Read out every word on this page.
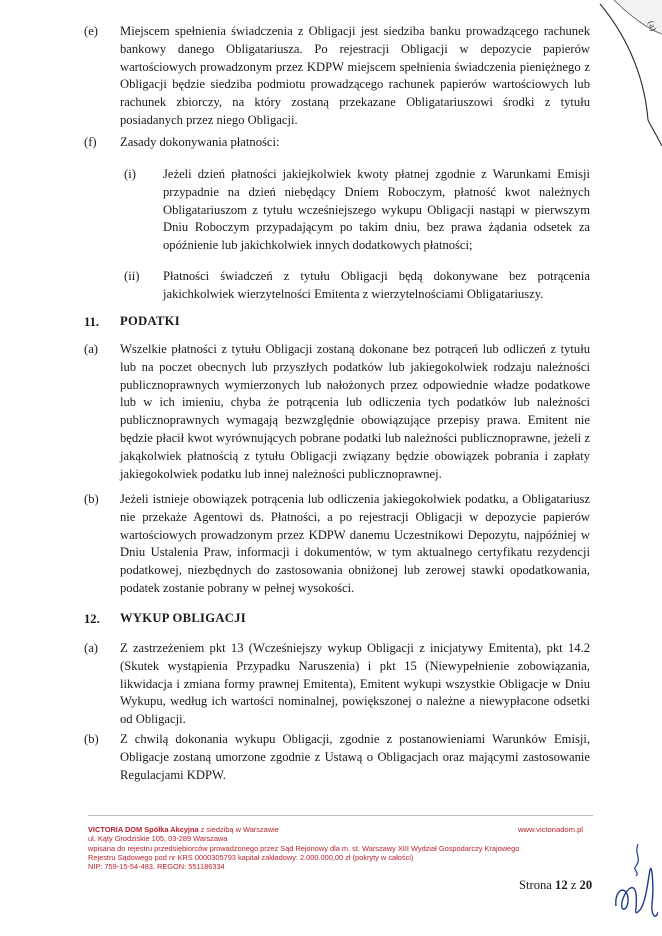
(a)
(e) Miejscem spełnienia świadczenia z Obligacji jest siedziba banku prowadzącego rachunek bankowy danego Obligatariusza. Po rejestracji Obligacji w depozycie papierów wartościowych prowadzonym przez KDPW miejscem spełnienia świadczenia pieniężnego z Obligacji będzie siedziba podmiotu prowadzącego rachunek papierów wartościowych lub rachunek zbiorczy, na który zostaną przekazane Obligatariuszowi środki z tytułu posiadanych przez niego Obligacji.

(f) Zasady dokonywania płatności:

(i) Jeżeli dzień płatności jakiejkolwiek kwoty płatnej zgodnie z Warunkami Emisji przypadnie na dzień niebędący Dniem Roboczym, płatność kwot należnych Obligatariuszom z tytułu wcześniejszego wykupu Obligacji nastąpi w pierwszym Dniu Roboczym przypadającym po takim dniu, bez prawa żądania odsetek za opóźnienie lub jakichkolwiek innych dodatkowych płatności;

(ii) Płatności świadczeń z tytułu Obligacji będą dokonywane bez potrącenia jakichkolwiek wierzytelności Emitenta z wierzytelnościami Obligatariuszy.

11. PODATKI
(a) Wszelkie płatności z tytułu Obligacji zostaną dokonane bez potrąceń lub odliczeń z tytułu lub na poczet obecnych lub przyszłych podatków lub jakiegokolwiek rodzaju należności publicznoprawnych wymierzonych lub nałożonych przez odpowiednie władze podatkowe lub w ich imieniu, chyba że potrącenia lub odliczenia tych podatków lub należności publicznoprawnych wymagają bezwzględnie obowiązujące przepisy prawa. Emitent nie będzie płacił kwot wyrównujących pobrane podatki lub należności publicznoprawne, jeżeli z jakąkolwiek płatnością z tytułu Obligacji związany będzie obowiązek pobrania i zapłaty jakiegokolwiek podatku lub innej należności publicznoprawnej.

(b) Jeżeli istnieje obowiązek potrącenia lub odliczenia jakiegokolwiek podatku, a Obligatariusz nie przekaże Agentowi ds. Płatności, a po rejestracji Obligacji w depozycie papierów wartościowych prowadzonym przez KDPW danemu Uczestnikowi Depozytu, najpóźniej w Dniu Ustalenia Praw, informacji i dokumentów, w tym aktualnego certyfikatu rezydencji podatkowej, niezbędnych do zastosowania obniżonej lub zerowej stawki opodatkowania, podatek zostanie pobrany w pełnej wysokości.

12. WYKUP OBLIGACJI
(a) Z zastrzeżeniem pkt 13 (Wcześniejszy wykup Obligacji z inicjatywy Emitenta), pkt 14.2 (Skutek wystąpienia Przypadku Naruszenia) i pkt 15 (Niewypełnienie zobowiązania, likwidacja i zmiana formy prawnej Emitenta), Emitent wykupi wszystkie Obligacje w Dniu Wykupu, według ich wartości nominalnej, powiększonej o należne a niewypłacone odsetki od Obligacji.

(b) Z chwilą dokonania wykupu Obligacji, zgodnie z postanowieniami Warunków Emisji, Obligacje zostaną umorzone zgodnie z Ustawą o Obligacjach oraz mającymi zastosowanie Regulacjami KDPW.

VICTORIA DOM Spółka Akcyjna z siedzibą w Warszawie	www.victoriadom.pl
ul. Kąty Grodziskie 105, 03-289 Warszawa
wpisana do rejestru przedsiębiorców prowadzonego przez Sąd Rejonowy dla m. st. Warszawy XIII Wydział Gospodarczy Krajowego
Rejestru Sądowego pod nr KRS 0000305793 kapitał zakładowy: 2.000.000,00 zł (pokryty w całości)
NIP: 759-15-54-483, REGON: 551186334
Strona 12 z 20
